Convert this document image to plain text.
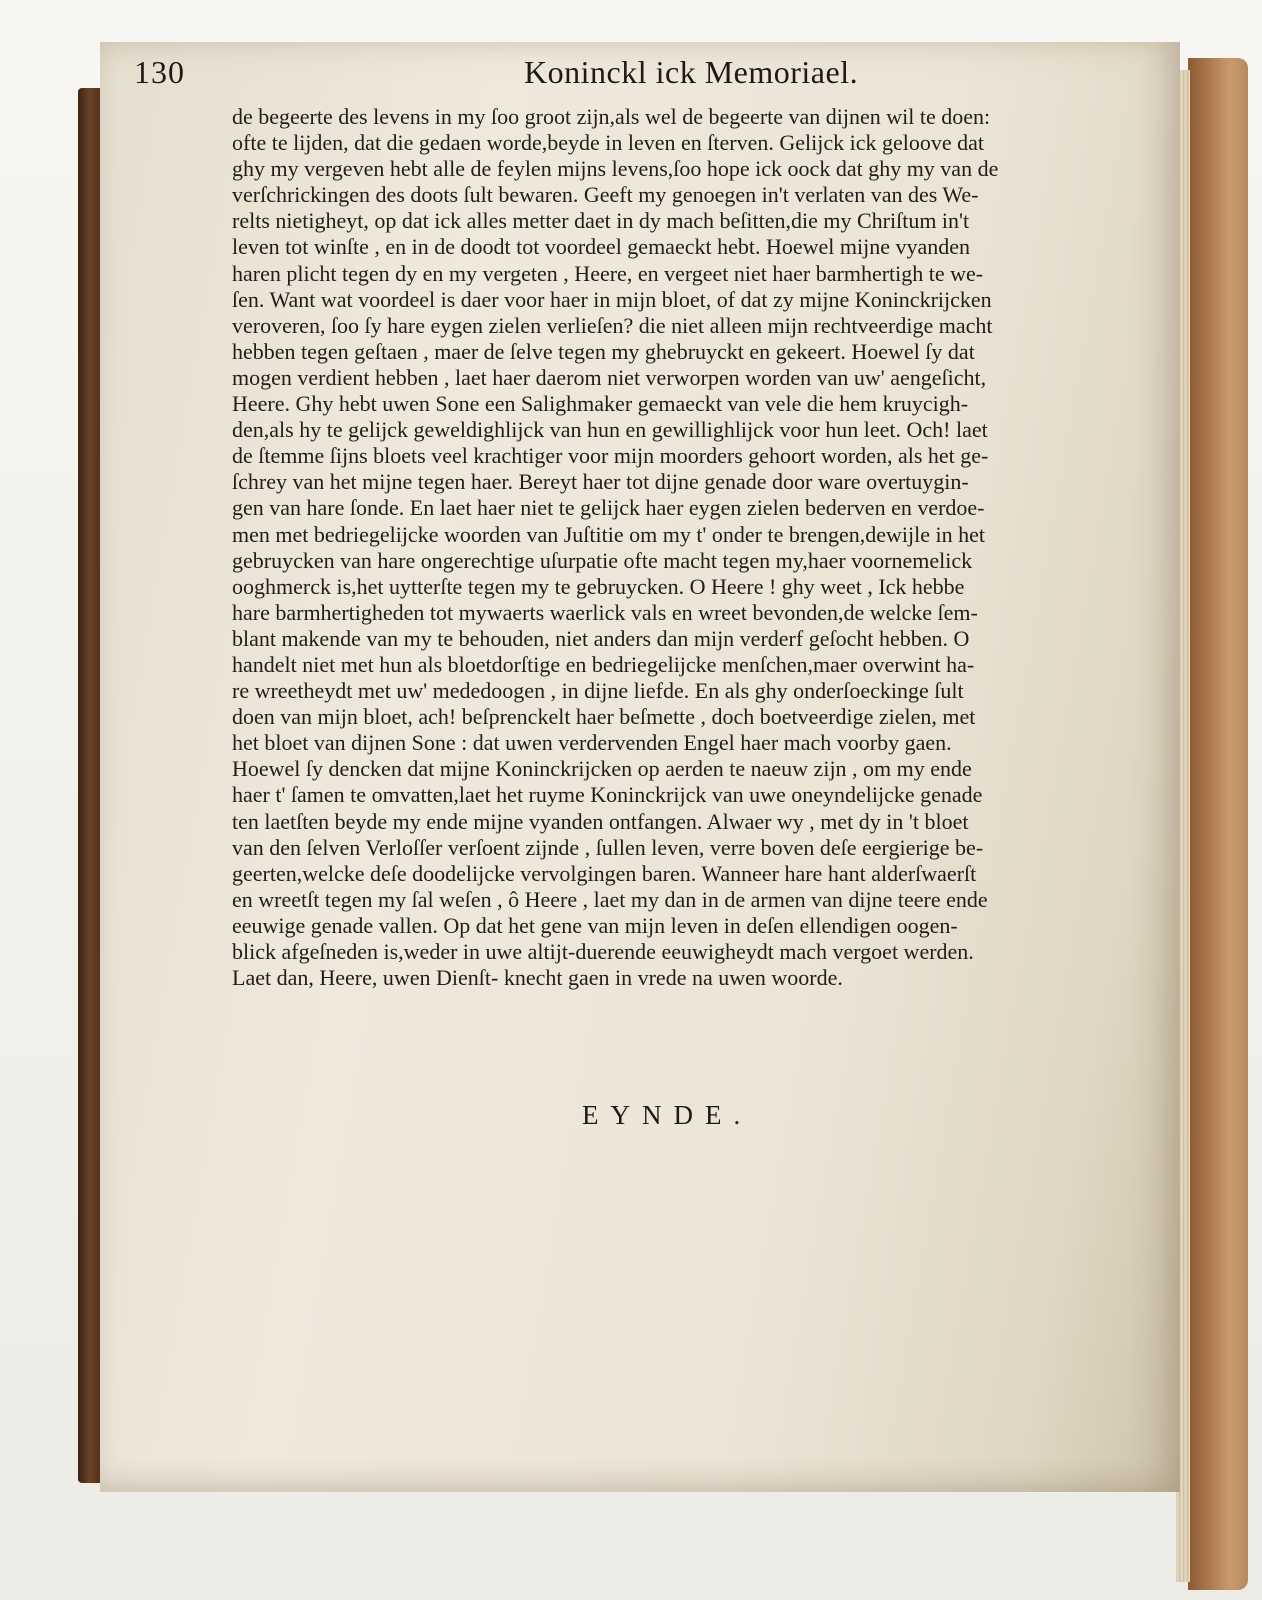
130	Koninckl ick Memoriael.
de begeerte des levens in my ſoo groot zijn,als wel de begeerte van dijnen wil te doen:
ofte te lijden, dat die gedaen worde,beyde in leven en ſterven. Gelijck ick geloove dat
ghy my vergeven hebt alle de feylen mijns levens,ſoo hope ick oock dat ghy my van de
verſchrickingen des doots ſult bewaren. Geeft my genoegen in't verlaten van des We-
relts nietigheyt, op dat ick alles metter daet in dy mach beſitten,die my Chriſtum in't
leven tot winſte , en in de doodt tot voordeel gemaeckt hebt. Hoewel mijne vyanden
haren plicht tegen dy en my vergeten , Heere, en vergeet niet haer barmhertigh te we-
ſen. Want wat voordeel is daer voor haer in mijn bloet, of dat zy mijne Koninckrijcken
veroveren, ſoo ſy hare eygen zielen verlieſen? die niet alleen mijn rechtveerdige macht
hebben tegen geſtaen , maer de ſelve tegen my ghebruyckt en gekeert. Hoewel ſy dat
mogen verdient hebben , laet haer daerom niet verworpen worden van uw' aengeſicht,
Heere. Ghy hebt uwen Sone een Salighmaker gemaeckt van vele die hem kruycigh-
den,als hy te gelijck geweldighlijck van hun en gewillighlijck voor hun leet. Och! laet
de ſtemme ſijns bloets veel krachtiger voor mijn moorders gehoort worden, als het ge-
ſchrey van het mijne tegen haer. Bereyt haer tot dijne genade door ware overtuygin-
gen van hare ſonde. En laet haer niet te gelijck haer eygen zielen bederven en verdoe-
men met bedriegelijcke woorden van Juſtitie om my t' onder te brengen,dewijle in het
gebruycken van hare ongerechtige uſurpatie ofte macht tegen my,haer voornemelick
ooghmerck is,het uytterſte tegen my te gebruycken. O Heere ! ghy weet , Ick hebbe
hare barmhertigheden tot mywaerts waerlick vals en wreet bevonden,de welcke ſem-
blant makende van my te behouden, niet anders dan mijn verderf geſocht hebben. O
handelt niet met hun als bloetdorſtige en bedriegelijcke menſchen,maer overwint ha-
re wreetheydt met uw' mededoogen , in dijne liefde. En als ghy onderſoeckinge ſult
doen van mijn bloet, ach! beſprenckelt haer beſmette , doch boetveerdige zielen, met
het bloet van dijnen Sone : dat uwen verdervenden Engel haer mach voorby gaen.
Hoewel ſy dencken dat mijne Koninckrijcken op aerden te naeuw zijn , om my ende
haer t' ſamen te omvatten,laet het ruyme Koninckrijck van uwe oneyndelijcke genade
ten laetſten beyde my ende mijne vyanden ontfangen. Alwaer wy , met dy in 't bloet
van den ſelven Verloſſer verſoent zijnde , ſullen leven, verre boven deſe eergierige be-
geerten,welcke deſe doodelijcke vervolgingen baren. Wanneer hare hant alderſwaerſt
en wreetſt tegen my ſal weſen , ô Heere , laet my dan in de armen van dijne teere ende
eeuwige genade vallen. Op dat het gene van mijn leven in deſen ellendigen oogen-
blick afgeſneden is,weder in uwe altijt-duerende eeuwigheydt mach vergoet werden.
Laet dan, Heere, uwen Dienſt- knecht gaen in vrede na uwen woorde.
EYNDE.
